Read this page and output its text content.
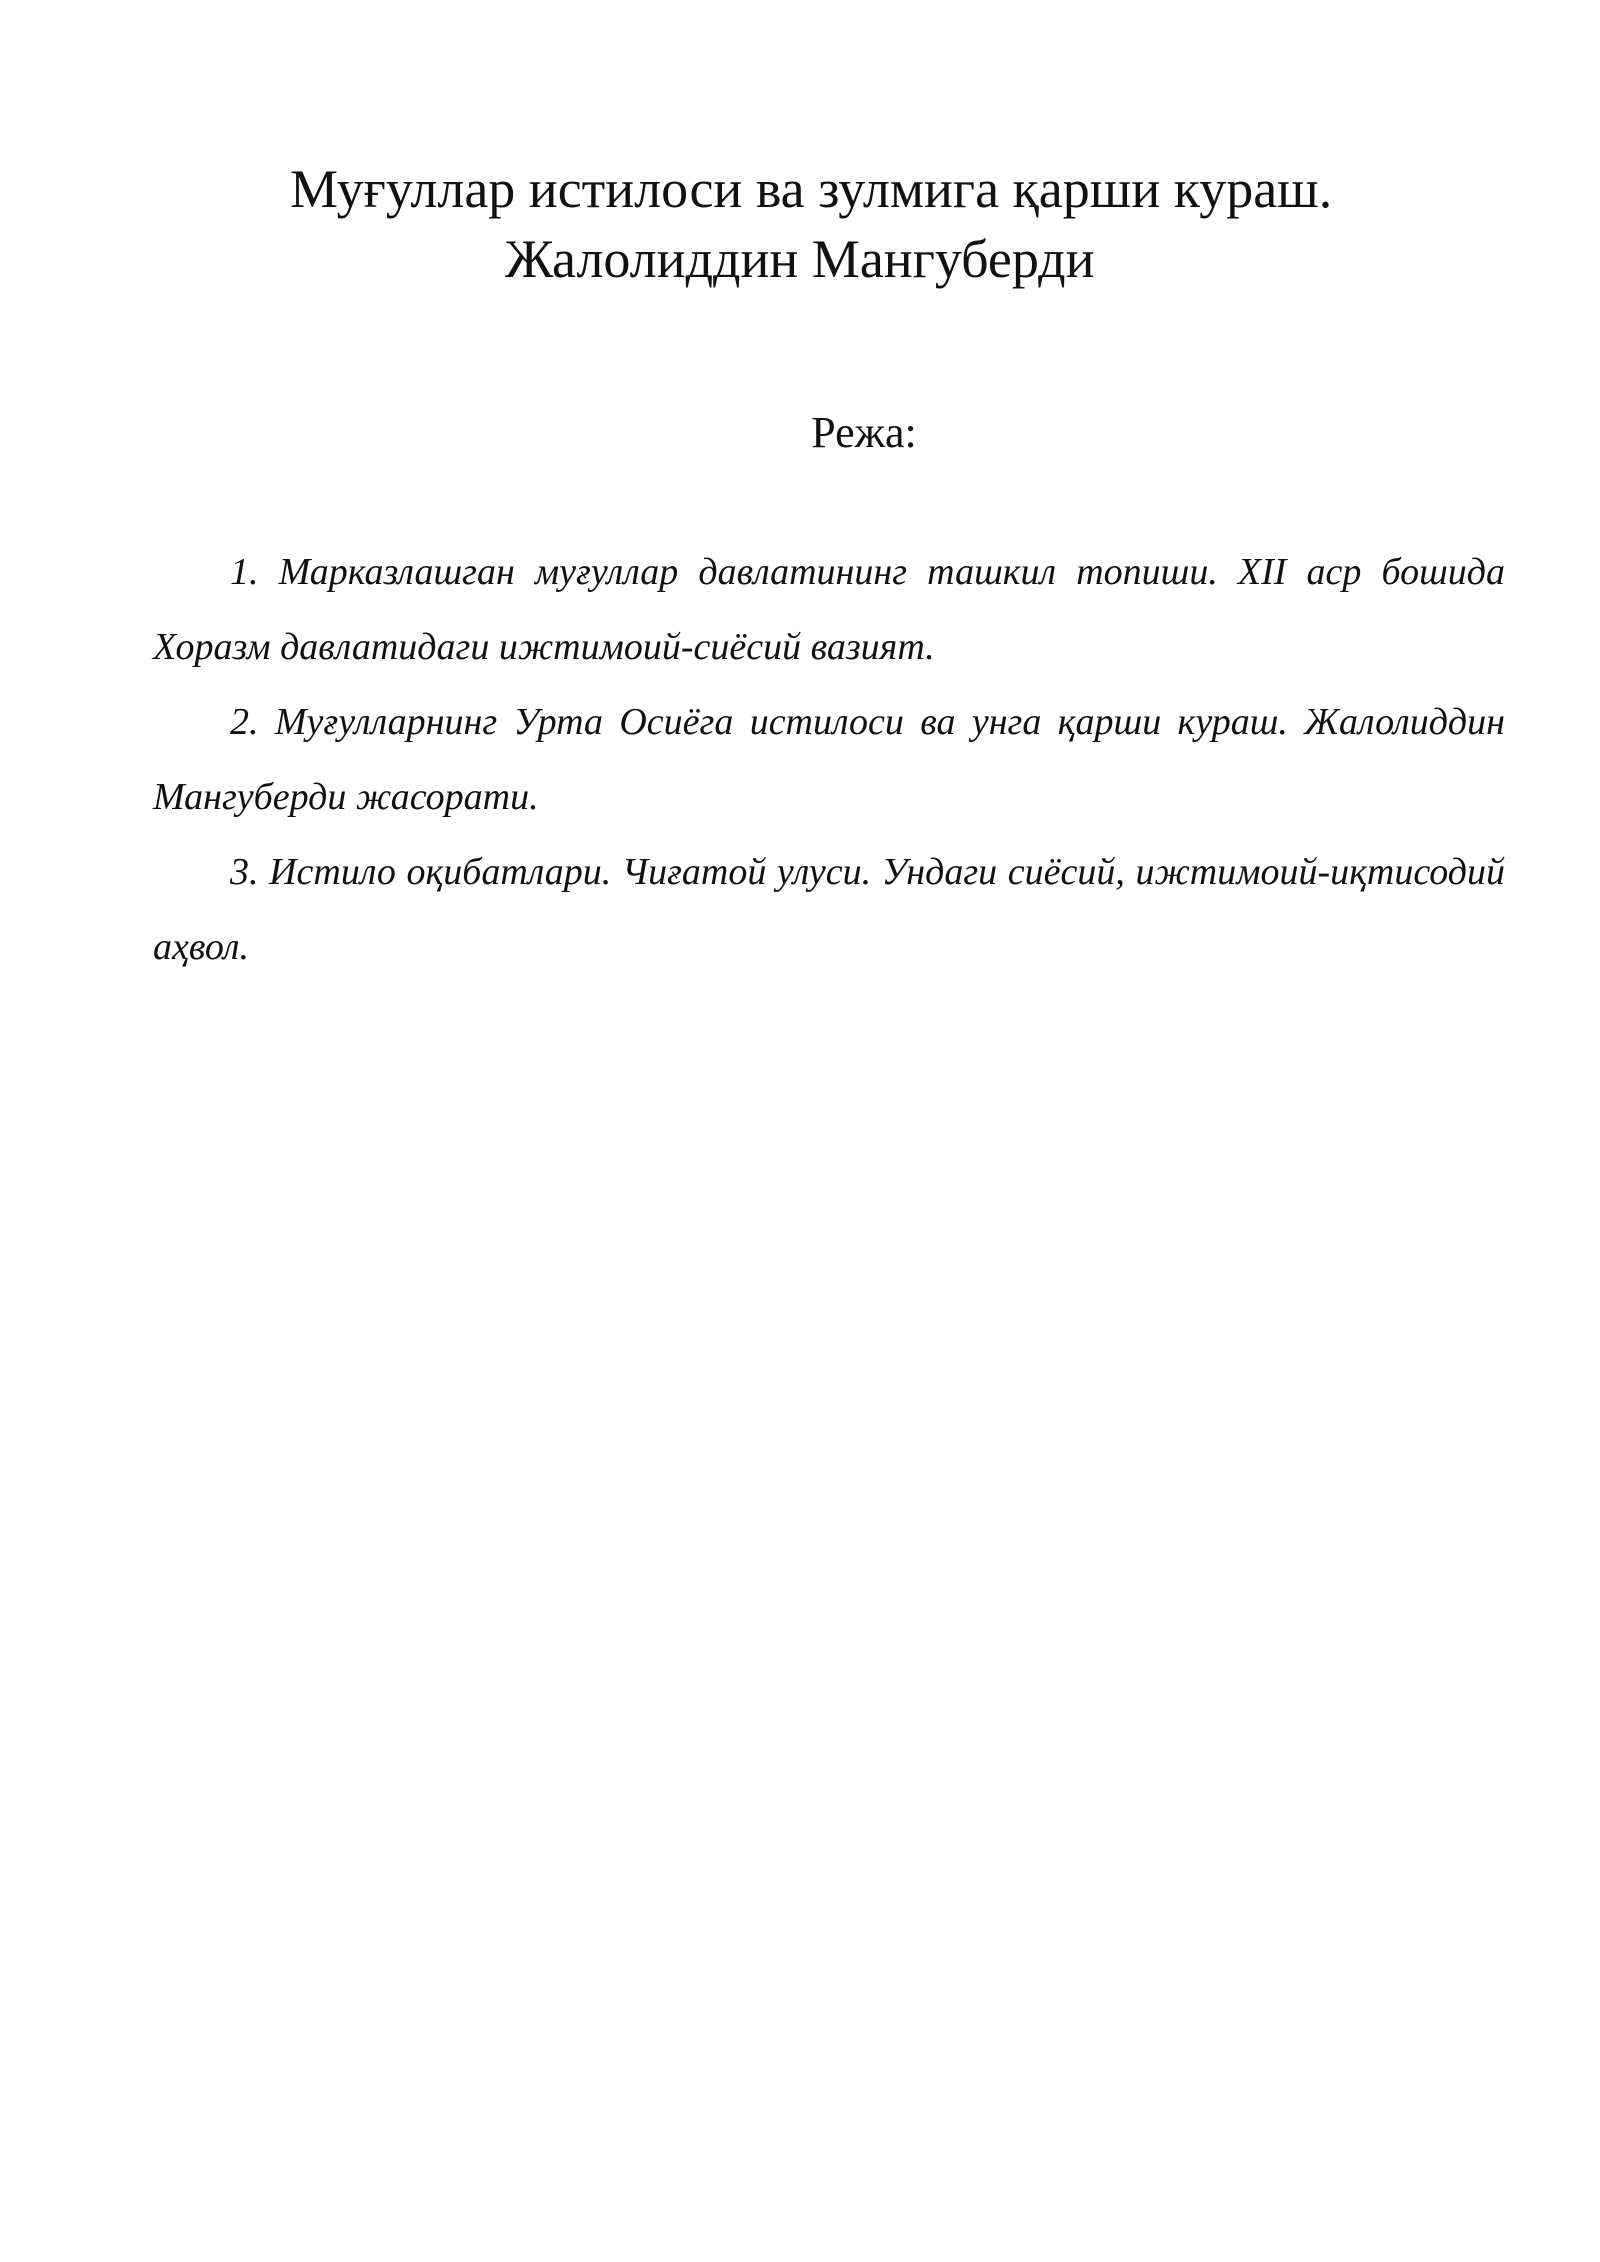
Муғуллар истилоси ва зулмига қарши кураш.
Жалолиддин Мангуберди
Режа:
1. Марказлашган муғуллар давлатининг ташкил топиши. XII аср бошида Хоразм давлатидаги ижтимоий-сиёсий вазият.
2. Муғулларнинг Урта Осиёга истилоси ва унга қарши кураш. Жалолиддин Мангуберди жасорати.
3. Истило оқибатлари. Чиғатой улуси. Ундаги сиёсий, ижтимоий-иқтисодий аҳвол.
